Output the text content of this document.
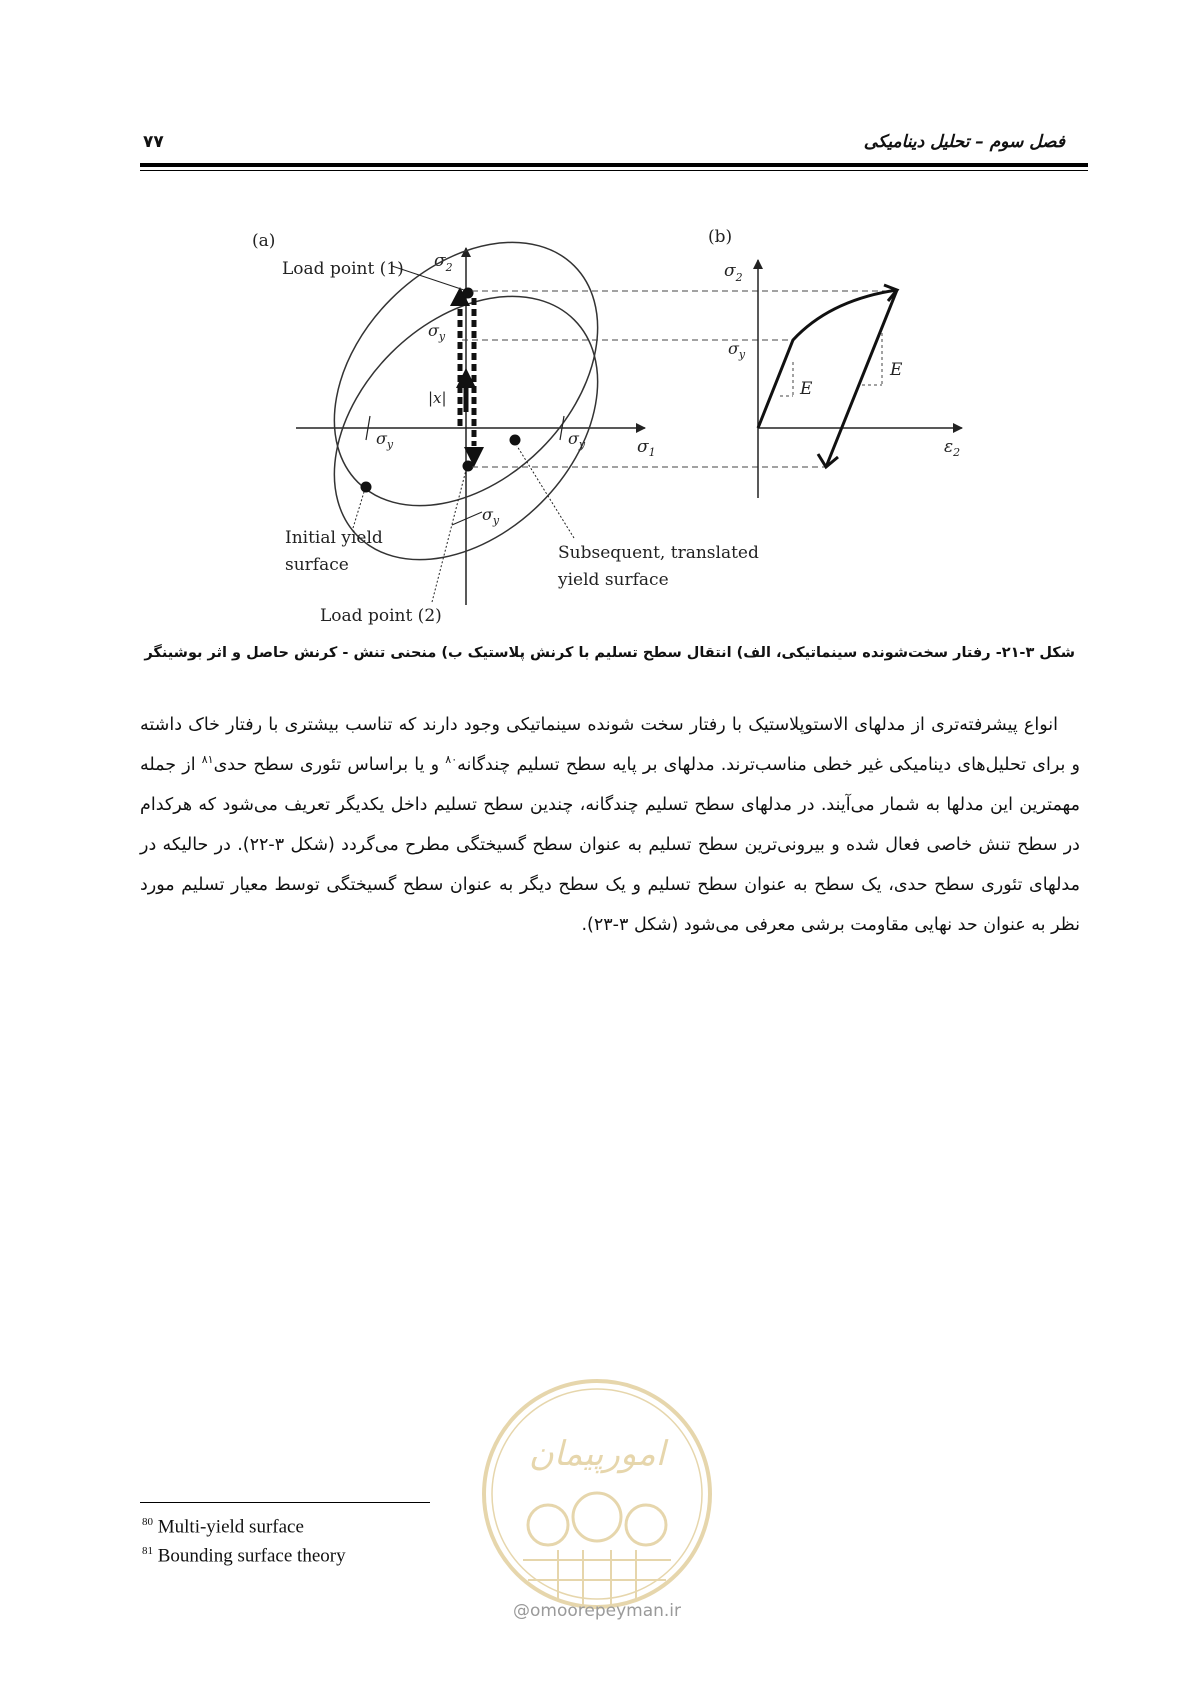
فصل سوم – تحلیل دینامیکی
۷۷
(a)
Load point (1) $\sigma_2$
$\sigma_y$	$\sigma_y$	$\sigma_1$
$\sigma_y$
$\sigma_y$
|x|
Initial yield
surface
Subsequent, translated
yield surface
Load point (2)
(b)
$\sigma_2$
$\sigma_y$
$\varepsilon_2$
E
E
شکل ۳-۲۱- رفتار سخت‌شونده سینماتیکی، الف) انتقال سطح تسلیم با کرنش پلاستیک ب) منحنی تنش - کرنش حاصل و اثر بوشینگر

انواع پیشرفته‌تری از مدلهای الاستوپلاستیک با رفتار سخت شونده سینماتیکی وجود دارند که تناسب بیشتری با رفتار خاک داشته و برای تحلیل‌های دینامیکی غیر خطی مناسب‌ترند. مدلهای بر پایه سطح تسلیم چندگانه$^{۸۰}$ و یا براساس تئوری سطح حدی$^{۸۱}$ از جمله مهمترین این مدلها به شمار می‌آیند. در مدلهای سطح تسلیم چندگانه، چندین سطح تسلیم داخل یکدیگر تعریف می‌شود که هرکدام در سطح تنش خاصی فعال شده و بیرونی‌ترین سطح تسلیم به عنوان سطح گسیختگی مطرح می‌گردد (شکل ۳-۲۲). در حالیکه در مدلهای تئوری سطح حدی، یک سطح به عنوان سطح تسلیم و یک سطح دیگر به عنوان سطح گسیختگی توسط معیار تسلیم مورد نظر به عنوان حد نهایی مقاومت برشی معرفی می‌شود (شکل ۳-۲۳).

امورپیمان
@omoorepeyman.ir
$^{80}$ Multi-yield surface
$^{81}$ Bounding surface theory
